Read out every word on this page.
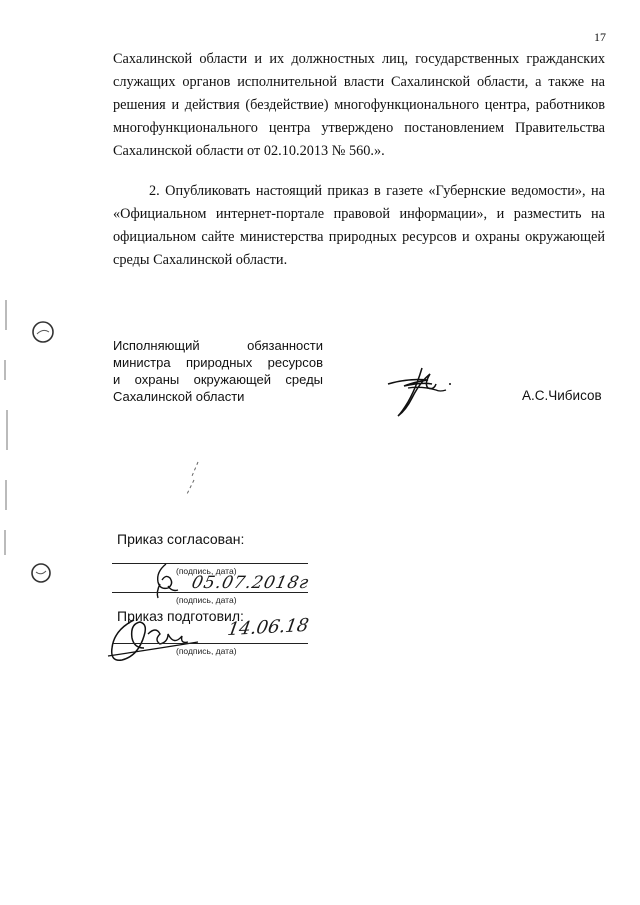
17
Сахалинской области и их должностных лиц, государственных гражданских служащих органов исполнительной власти Сахалинской области, а также на решения и действия (бездействие) многофункционального центра, работников многофункционального центра утверждено постановлением Правительства Сахалинской области от 02.10.2013 № 560.».
2. Опубликовать настоящий приказ в газете «Губернские ведомости», на «Официальном интернет-портале правовой информации», и разместить на официальном сайте министерства природных ресурсов и охраны окружающей среды Сахалинской области.
Исполняющий обязанности
министра природных ресурсов
и охраны окружающей среды
Сахалинской области	А.С.Чибисов
Приказ согласован:
(подпись, дата)
05.07.2018г
(подпись, дата)
Приказ подготовил:
14.06.18
(подпись, дата)
